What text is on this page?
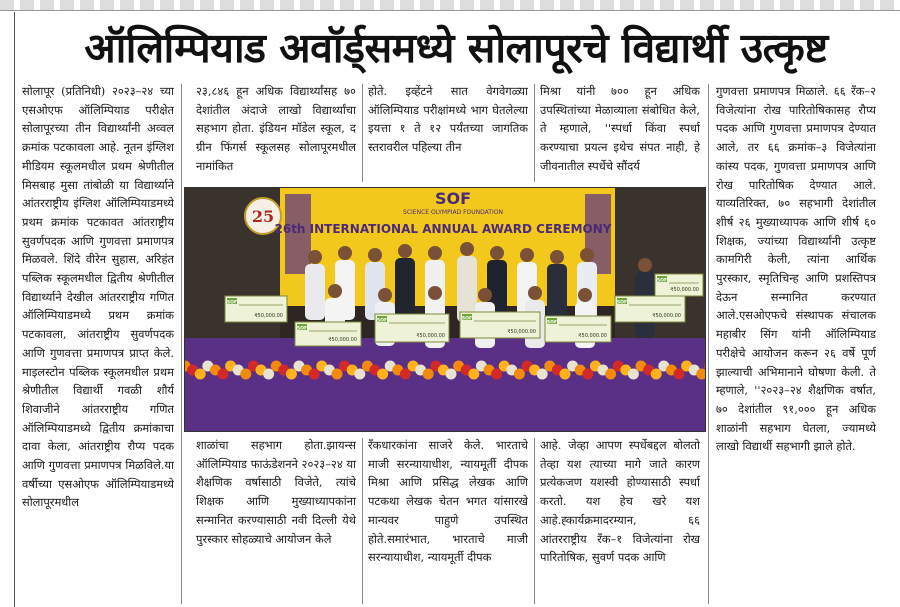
ऑलिम्पियाड अवॉर्ड्समध्ये सोलापूरचे विद्यार्थी उत्कृष्ट

सोलापूर (प्रतिनिधी) २०२३–२४ च्या एसओएफ ऑलिम्पियाड परीक्षेत सोलापूरच्या तीन विद्यार्थ्यांनी अव्वल क्रमांक पटकावला आहे. नूतन इंग्लिश मीडियम स्कूलमधील प्रथम श्रेणीतील मिसबाह मुसा तांबोळी या विद्यार्थ्याने आंतरराष्ट्रीय इंग्लिश ऑलिम्पियाडमध्ये प्रथम क्रमांक पटकावत आंतराष्ट्रीय सुवर्णपदक आणि गुणवत्ता प्रमाणपत्र मिळवले. शिंदे वीरेन सुहास, अरिहंत पब्लिक स्कूलमधील द्वितीय श्रेणीतील विद्यार्थ्याने देखील आंतरराष्ट्रीय गणित ऑलिम्पियाडमध्ये प्रथम क्रमांक पटकावला, आंतराष्ट्रीय सुवर्णपदक आणि गुणवत्ता प्रमाणपत्र प्राप्त केले. माइलस्टोन पब्लिक स्कूलमधील प्रथम श्रेणीतील विद्यार्थी गवळी शौर्य शिवाजीने आंतरराष्ट्रीय गणित ऑलिम्पियाडमध्ये द्वितीय क्रमांकाचा दावा केला, आंतराष्ट्रीय रौप्य पदक आणि गुणवत्ता प्रमाणपत्र मिळविले.या वर्षीच्या एसओएफ ऑलिम्पियाडमध्ये सोलापूरमधील

२३,८४६ हून अधिक विद्यार्थ्यांसह ७० देशांतील अंदाजे लाखो विद्यार्थ्यांचा सहभाग होता. इंडियन मॉडेल स्कूल, द ग्रीन फिंगर्स स्कूलसह सोलापूरमधील नामांकित

होते. इव्हेंटने सात वेगवेगळ्या ऑलिम्पियाड परीक्षांमध्ये भाग घेतलेल्या इयत्ता १ ते १२ पर्यंतच्या जागतिक स्तरावरील पहिल्या तीन

मिश्रा यांनी ७०० हून अधिक उपस्थितांच्या मेळाव्याला संबोधित केले, ते म्हणाले, ''स्पर्धा किंवा स्पर्धा करण्याचा प्रयत्न इथेच संपत नाही, हे जीवनातील स्पर्धेचे सौंदर्य

गुणवत्ता प्रमाणपत्र मिळाले. ६६ रँक–२ विजेत्यांना रोख पारितोषिकासह रौप्य पदक आणि गुणवत्ता प्रमाणपत्र देण्यात आले, तर ६६ क्रमांक–३ विजेत्यांना कांस्य पदक, गुणवत्ता प्रमाणपत्र आणि रोख पारितोषिक देण्यात आले. याव्यतिरिक्त, ७० सहभागी देशांतील शीर्ष २६ मुख्याध्यापक आणि शीर्ष ६० शिक्षक, ज्यांच्या विद्यार्थ्यांनी उत्कृष्ट कामगिरी केली, त्यांना आर्थिक पुरस्कार, स्मृतिचिन्ह आणि प्रशस्तिपत्र देऊन सन्मानित करण्यात आले.एसओएफचे संस्थापक संचालक महाबीर सिंग यांनी ऑलिम्पियाड परीक्षेचे आयोजन करून २६ वर्षे पूर्ण झाल्याची अभिमानाने घोषणा केली. ते म्हणाले, ''२०२३–२४ शैक्षणिक वर्षात, ७० देशांतील ९१,००० हून अधिक शाळांनी सहभाग घेतला, ज्यामध्ये लाखो विद्यार्थी सहभागी झाले होते.

शाळांचा सहभाग होता.झायन्स ऑलिम्पियाड फाऊंडेशनने २०२३–२४ या शैक्षणिक वर्षासाठी विजेते, त्यांचे शिक्षक आणि मुख्याध्यापकांना सन्मानित करण्यासाठी नवी दिल्ली येथे पुरस्कार सोहळ्याचे आयोजन केले

रँकधारकांना साजरे केले. भारताचे माजी सरन्यायाधीश, न्यायमूर्ती दीपक मिश्रा आणि प्रसिद्ध लेखक आणि पटकथा लेखक चेतन भगत यांसारखे मान्यवर पाहुणे उपस्थित होते.समारंभात, भारताचे माजी सरन्यायाधीश, न्यायमूर्ती दीपक

आहे. जेव्हा आपण स्पर्धेबद्दल बोलतो तेव्हा यश त्याच्या मागे जाते कारण प्रत्येकजण यशस्वी होण्यासाठी स्पर्धा करतो. यश हेच खरे यश आहे.ह्कार्यक्रमादरम्यान, ६६ आंतरराष्ट्रीय रँक–१ विजेत्यांना रोख पारितोषिक, सुवर्ण पदक आणि

25
SOF
SCIENCE OLYMPIAD FOUNDATION
26th INTERNATIONAL ANNUAL AWARD CEREMONY
SOF
₹50,000.00
SOF
₹50,000.00
SOF
₹50,000.00
SOF
₹50,000.00
SOF
₹50,000.00
SOF
₹50,000.00
SOF
₹50,000.00
